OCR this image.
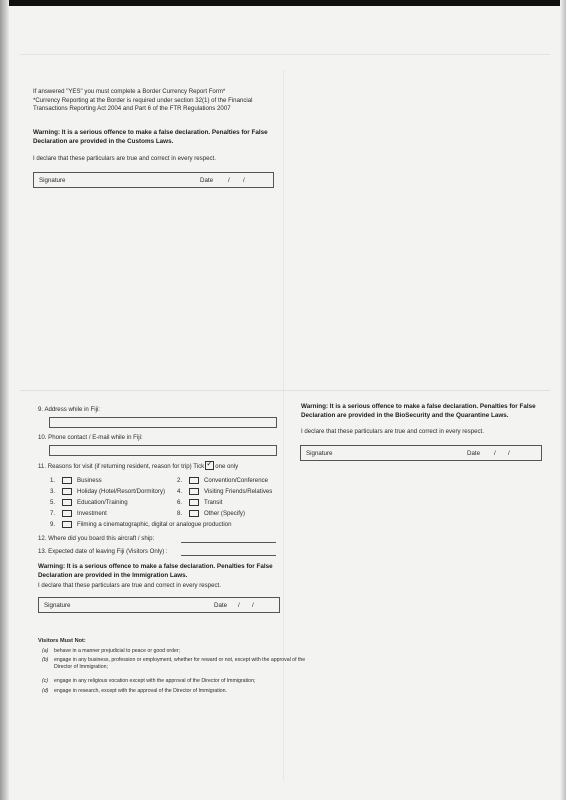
If answered "YES" you must complete a Border Currency Report Form*
*Currency Reporting at the Border is required under section 32(1) of the Financial
Transactions Reporting Act 2004 and Part 6 of the FTR Regulations 2007
Warning: It is a serious offence to make a false declaration. Penalties for False
Declaration are provided in the Customs Laws.
I declare that these particulars are true and correct in every respect.
Signature	Date / /
Warning: It is a serious offence to make a false declaration. Penalties for False
Declaration are provided in the BioSecurity and the Quarantine Laws.
I declare that these particulars are true and correct in every respect.
Signature	Date / /
9. Address while in Fiji:
10. Phone contact / E-mail while in Fiji:
11. Reasons for visit (if returning resident, reason for trip) Tick ✓ one only
1.	Business	2.	Convention/Conference
3.	Holiday (Hotel/Resort/Dormitory) 4.	Visiting Friends/Relatives
5.	Education/Training	6.	Transit
7.	Investment	8.	Other (Specify)
9.	Filming a cinematographic, digital or analogue production
12. Where did you board this aircraft / ship:
13. Expected date of leaving Fiji (Visitors Only) :
Warning: It is a serious offence to make a false declaration. Penalties for False
Declaration are provided in the Immigration Laws.
I declare that these particulars are true and correct in every respect.
Signature	Date / /
Visitors Must Not:
(a) behave in a manner prejudicial to peace or good order;
(b) engage in any business, profession or employment, whether for reward or not, except with the approval of the Director of Immigration;
(c) engage in any religious vocation except with the approval of the Director of Immigration;
(d) engage in research, except with the approval of the Director of Immigration.
